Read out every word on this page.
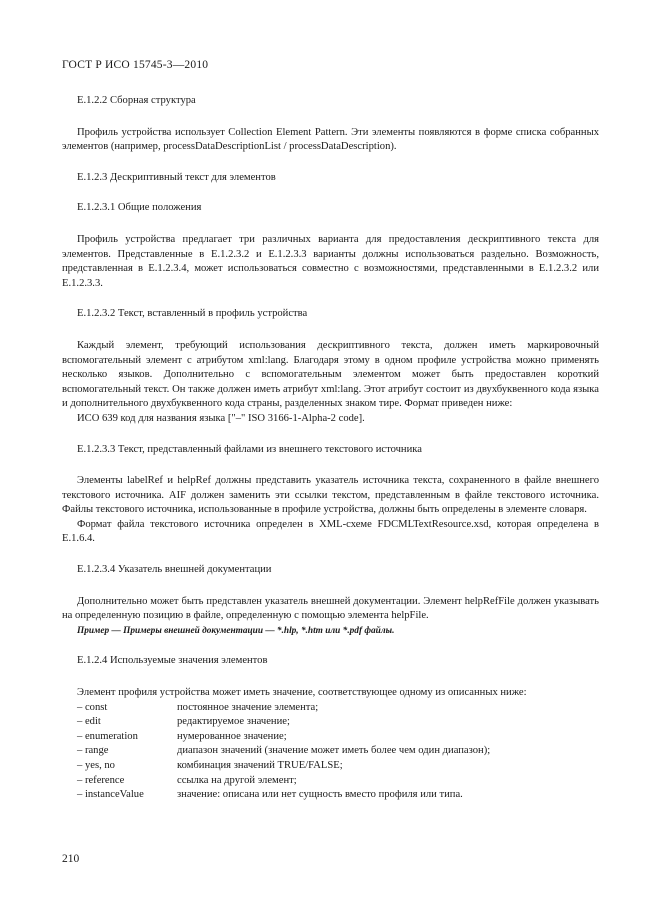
ГОСТ Р ИСО 15745-3—2010

Е.1.2.2 Сборная структура

Профиль устройства использует Collection Element Pattern. Эти элементы появляются в форме списка собранных элементов (например, processDataDescriptionList / processDataDescription).

Е.1.2.3 Дескриптивный текст для элементов

Е.1.2.3.1 Общие положения

Профиль устройства предлагает три различных варианта для предоставления дескриптивного текста для элементов. Представленные в Е.1.2.3.2 и Е.1.2.3.3 варианты должны использоваться раздельно. Возможность, представленная в Е.1.2.3.4, может использоваться совместно с возможностями, представленными в Е.1.2.3.2 или Е.1.2.3.3.

Е.1.2.3.2 Текст, вставленный в профиль устройства

Каждый элемент, требующий использования дескриптивного текста, должен иметь маркировочный вспомогательный элемент с атрибутом xml:lang. Благодаря этому в одном профиле устройства можно применять несколько языков. Дополнительно с вспомогательным элементом может быть предоставлен короткий вспомогательный текст. Он также должен иметь атрибут xml:lang. Этот атрибут состоит из двухбуквенного кода языка и дополнительного двухбуквенного кода страны, разделенных знаком тире. Формат приведен ниже:

ИСО 639 код для названия языка ["–" ISO 3166-1-Alpha-2 code].

Е.1.2.3.3 Текст, представленный файлами из внешнего текстового источника

Элементы labelRef и helpRef должны представить указатель источника текста, сохраненного в файле внешнего текстового источника. AIF должен заменить эти ссылки текстом, представленным в файле текстового источника. Файлы текстового источника, использованные в профиле устройства, должны быть определены в элементе словаря.

Формат файла текстового источника определен в XML-схеме FDCMLTextResource.xsd, которая определена в Е.1.6.4.

Е.1.2.3.4 Указатель внешней документации

Дополнительно может быть представлен указатель внешней документации. Элемент helpRefFile должен указывать на определенную позицию в файле, определенную с помощью элемента helpFile.

Пример — Примеры внешней документации — *.hlp, *.htm или *.pdf файлы.

Е.1.2.4 Используемые значения элементов

Элемент профиля устройства может иметь значение, соответствующее одному из описанных ниже:

– const	постоянное значение элемента;
– edit	редактируемое значение;
– enumeration	нумерованное значение;
– range	диапазон значений (значение может иметь более чем один диапазон);
– yes, no	комбинация значений TRUE/FALSE;
– reference	ссылка на другой элемент;
– instanceValue	значение: описана или нет сущность вместо профиля или типа.
210
